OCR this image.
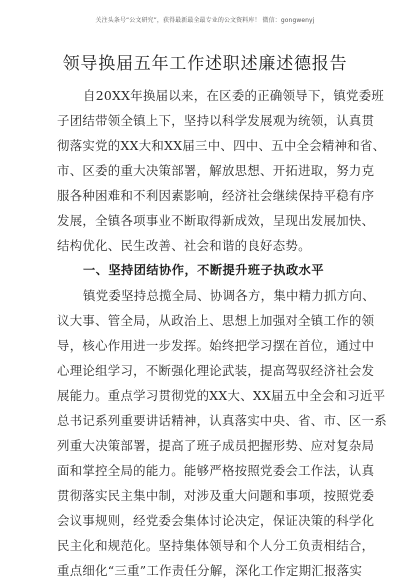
关注头条号“公文研究”，获得最新最全最专业的公文资料库！ 微信：gongwenyj
领导换届五年工作述职述廉述德报告
自20XX年换届以来，在区委的正确领导下，镇党委班
子团结带领全镇上下，坚持以科学发展观为统领，认真贯
彻落实党的XX大和XX届三中、四中、五中全会精神和省、
市、区委的重大决策部署，解放思想、开拓进取，努力克
服各种困难和不利因素影响，经济社会继续保持平稳有序
发展，全镇各项事业不断取得新成效，呈现出发展加快、
结构优化、民生改善、社会和谐的良好态势。
一、坚持团结协作，不断提升班子执政水平
镇党委坚持总揽全局、协调各方，集中精力抓方向、
议大事、管全局，从政治上、思想上加强对全镇工作的领
导，核心作用进一步发挥。始终把学习摆在首位，通过中
心理论组学习，不断强化理论武装，提高驾驭经济社会发
展能力。重点学习贯彻党的XX大、XX届五中全会和习近平
总书记系列重要讲话精神，认真落实中央、省、市、区一系
列重大决策部署，提高了班子成员把握形势、应对复杂局
面和掌控全局的能力。能够严格按照党委会工作法，认真
贯彻落实民主集中制，对涉及重大问题和事项，按照党委
会议事规则，经党委会集体讨论决定，保证决策的科学化
民主化和规范化。坚持集体领导和个人分工负责相结合，
重点细化“三重”工作责任分解，深化工作定期汇报落实
